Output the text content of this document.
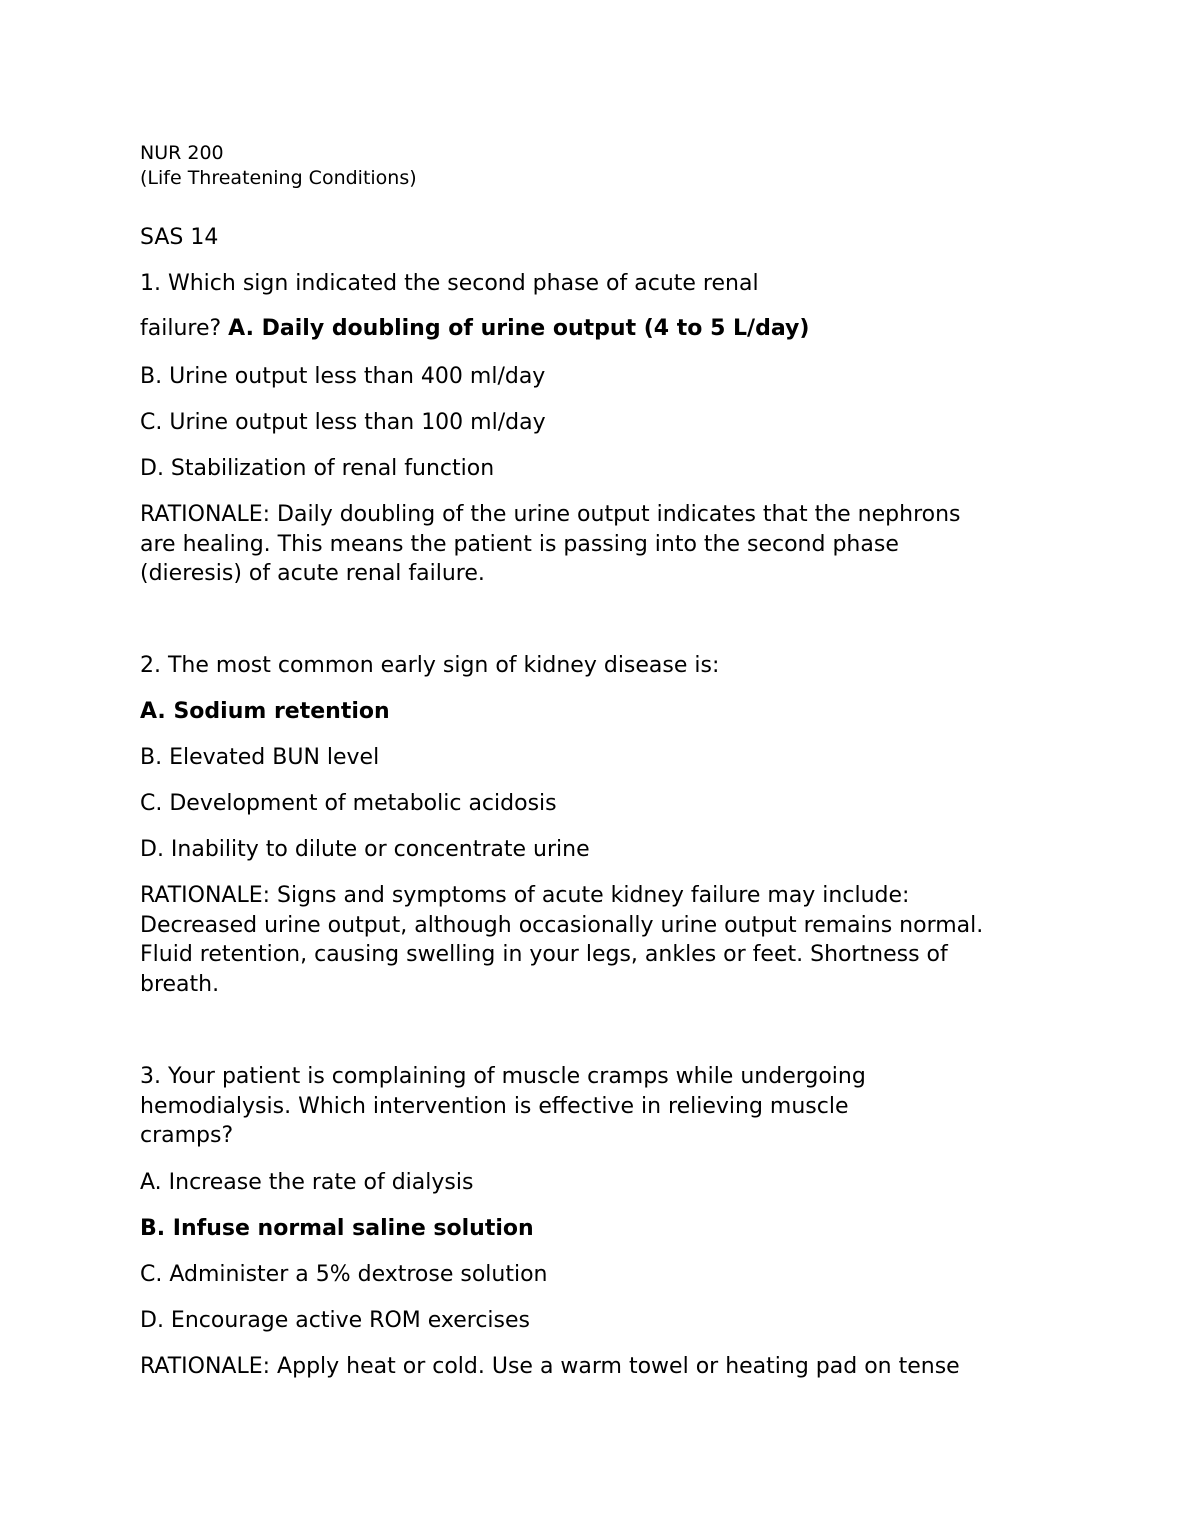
NUR 200
(Life Threatening Conditions)
SAS 14
1. Which sign indicated the second phase of acute renal
failure? A. Daily doubling of urine output (4 to 5 L/day)
B. Urine output less than 400 ml/day
C. Urine output less than 100 ml/day
D. Stabilization of renal function
RATIONALE: Daily doubling of the urine output indicates that the nephrons
are healing. This means the patient is passing into the second phase
(dieresis) of acute renal failure.
2. The most common early sign of kidney disease is:
A. Sodium retention
B. Elevated BUN level
C. Development of metabolic acidosis
D. Inability to dilute or concentrate urine
RATIONALE: Signs and symptoms of acute kidney failure may include:
Decreased urine output, although occasionally urine output remains normal.
Fluid retention, causing swelling in your legs, ankles or feet. Shortness of
breath.
3. Your patient is complaining of muscle cramps while undergoing
hemodialysis. Which intervention is effective in relieving muscle
cramps?
A. Increase the rate of dialysis
B. Infuse normal saline solution
C. Administer a 5% dextrose solution
D. Encourage active ROM exercises
RATIONALE: Apply heat or cold. Use a warm towel or heating pad on tense
